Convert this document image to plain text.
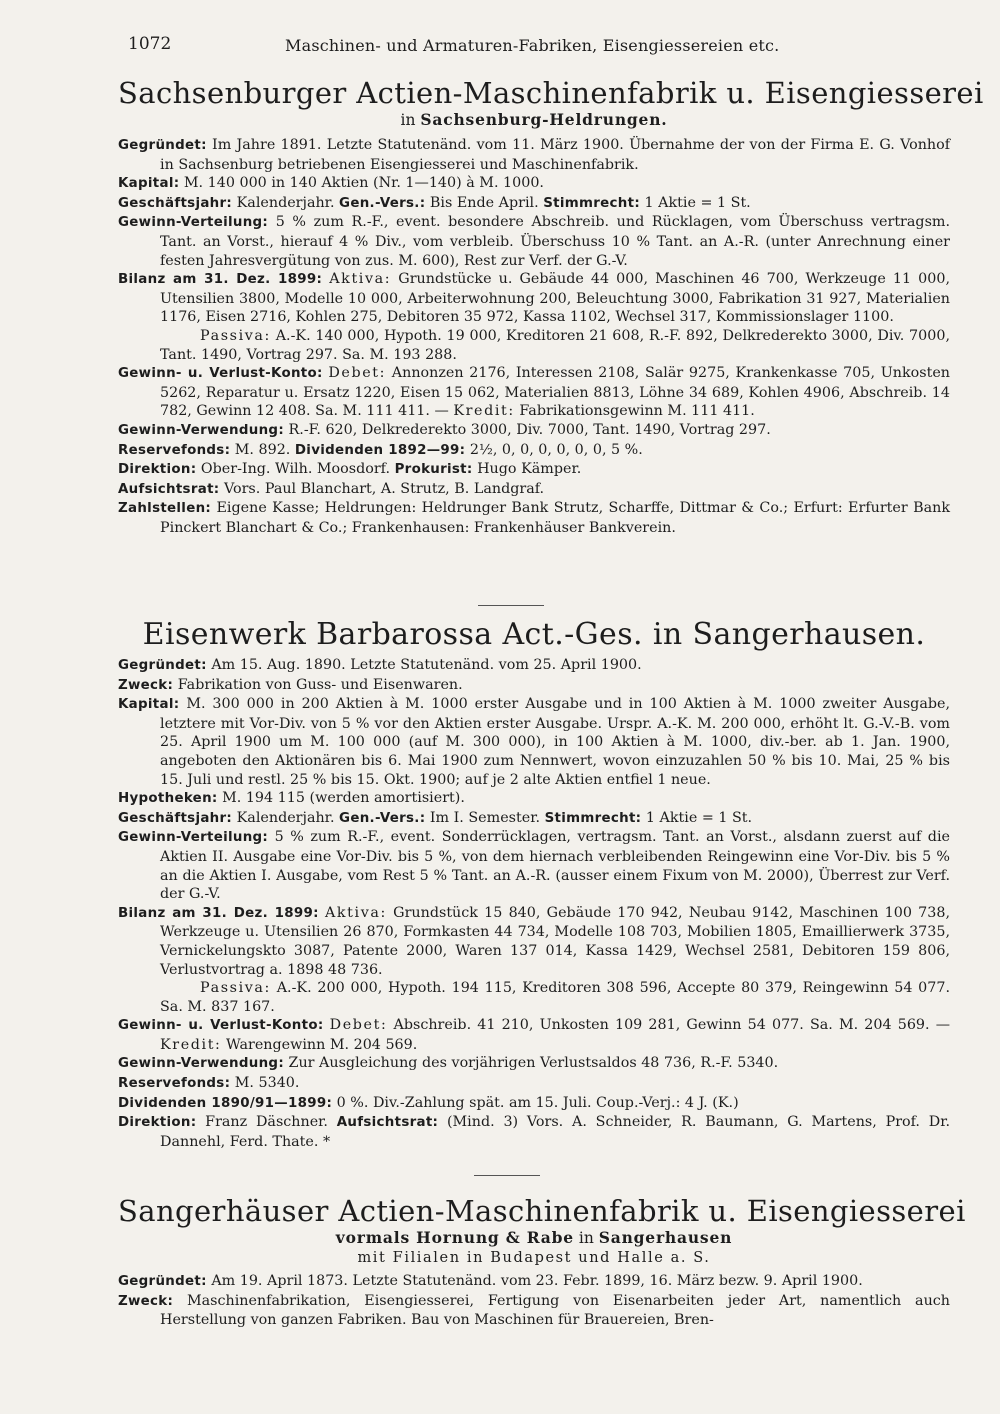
1072	Maschinen- und Armaturen-Fabriken, Eisengiessereien etc.
Sachsenburger Actien-Maschinenfabrik u. Eisengiesserei
in Sachsenburg-Heldrungen.

Gegründet: Im Jahre 1891. Letzte Statutenänd. vom 11. März 1900. Übernahme der von der Firma E. G. Vonhof in Sachsenburg betriebenen Eisengiesserei und Maschinenfabrik.

Kapital: M. 140 000 in 140 Aktien (Nr. 1—140) à M. 1000.

Geschäftsjahr: Kalenderjahr. Gen.-Vers.: Bis Ende April. Stimmrecht: 1 Aktie = 1 St.

Gewinn-Verteilung: 5 % zum R.-F., event. besondere Abschreib. und Rücklagen, vom Überschuss vertragsm. Tant. an Vorst., hierauf 4 % Div., vom verbleib. Überschuss 10 % Tant. an A.-R. (unter Anrechnung einer festen Jahresvergütung von zus. M. 600), Rest zur Verf. der G.-V.

Bilanz am 31. Dez. 1899: Aktiva: Grundstücke u. Gebäude 44 000, Maschinen 46 700, Werkzeuge 11 000, Utensilien 3800, Modelle 10 000, Arbeiterwohnung 200, Beleuchtung 3000, Fabrikation 31 927, Materialien 1176, Eisen 2716, Kohlen 275, Debitoren 35 972, Kassa 1102, Wechsel 317, Kommissionslager 1100.

Passiva: A.-K. 140 000, Hypoth. 19 000, Kreditoren 21 608, R.-F. 892, Delkrederekto 3000, Div. 7000, Tant. 1490, Vortrag 297. Sa. M. 193 288.

Gewinn- u. Verlust-Konto: Debet: Annonzen 2176, Interessen 2108, Salär 9275, Krankenkasse 705, Unkosten 5262, Reparatur u. Ersatz 1220, Eisen 15 062, Materialien 8813, Löhne 34 689, Kohlen 4906, Abschreib. 14 782, Gewinn 12 408. Sa. M. 111 411. — Kredit: Fabrikationsgewinn M. 111 411.

Gewinn-Verwendung: R.-F. 620, Delkrederekto 3000, Div. 7000, Tant. 1490, Vortrag 297.

Reservefonds: M. 892. Dividenden 1892—99: 2½, 0, 0, 0, 0, 0, 0, 5 %.

Direktion: Ober-Ing. Wilh. Moosdorf. Prokurist: Hugo Kämper.

Aufsichtsrat: Vors. Paul Blanchart, A. Strutz, B. Landgraf.

Zahlstellen: Eigene Kasse; Heldrungen: Heldrunger Bank Strutz, Scharffe, Dittmar & Co.; Erfurt: Erfurter Bank Pinckert Blanchart & Co.; Frankenhausen: Frankenhäuser Bankverein.

Eisenwerk Barbarossa Act.-Ges. in Sangerhausen.

Gegründet: Am 15. Aug. 1890. Letzte Statutenänd. vom 25. April 1900.

Zweck: Fabrikation von Guss- und Eisenwaren.

Kapital: M. 300 000 in 200 Aktien à M. 1000 erster Ausgabe und in 100 Aktien à M. 1000 zweiter Ausgabe, letztere mit Vor-Div. von 5 % vor den Aktien erster Ausgabe. Urspr. A.-K. M. 200 000, erhöht lt. G.-V.-B. vom 25. April 1900 um M. 100 000 (auf M. 300 000), in 100 Aktien à M. 1000, div.-ber. ab 1. Jan. 1900, angeboten den Aktionären bis 6. Mai 1900 zum Nennwert, wovon einzuzahlen 50 % bis 10. Mai, 25 % bis 15. Juli und restl. 25 % bis 15. Okt. 1900; auf je 2 alte Aktien entfiel 1 neue.

Hypotheken: M. 194 115 (werden amortisiert).

Geschäftsjahr: Kalenderjahr. Gen.-Vers.: Im I. Semester. Stimmrecht: 1 Aktie = 1 St.

Gewinn-Verteilung: 5 % zum R.-F., event. Sonderrücklagen, vertragsm. Tant. an Vorst., alsdann zuerst auf die Aktien II. Ausgabe eine Vor-Div. bis 5 %, von dem hiernach verbleibenden Reingewinn eine Vor-Div. bis 5 % an die Aktien I. Ausgabe, vom Rest 5 % Tant. an A.-R. (ausser einem Fixum von M. 2000), Überrest zur Verf. der G.-V.

Bilanz am 31. Dez. 1899: Aktiva: Grundstück 15 840, Gebäude 170 942, Neubau 9142, Maschinen 100 738, Werkzeuge u. Utensilien 26 870, Formkasten 44 734, Modelle 108 703, Mobilien 1805, Emaillierwerk 3735, Vernickelungskto 3087, Patente 2000, Waren 137 014, Kassa 1429, Wechsel 2581, Debitoren 159 806, Verlustvortrag a. 1898 48 736.

Passiva: A.-K. 200 000, Hypoth. 194 115, Kreditoren 308 596, Accepte 80 379, Reingewinn 54 077. Sa. M. 837 167.

Gewinn- u. Verlust-Konto: Debet: Abschreib. 41 210, Unkosten 109 281, Gewinn 54 077. Sa. M. 204 569. — Kredit: Warengewinn M. 204 569.

Gewinn-Verwendung: Zur Ausgleichung des vorjährigen Verlustsaldos 48 736, R.-F. 5340.

Reservefonds: M. 5340.

Dividenden 1890/91—1899: 0 %. Div.-Zahlung spät. am 15. Juli. Coup.-Verj.: 4 J. (K.)

Direktion: Franz Däschner. Aufsichtsrat: (Mind. 3) Vors. A. Schneider, R. Baumann, G. Martens, Prof. Dr. Dannehl, Ferd. Thate. *

Sangerhäuser Actien-Maschinenfabrik u. Eisengiesserei
vormals Hornung & Rabe in Sangerhausen
mit Filialen in Budapest und Halle a. S.

Gegründet: Am 19. April 1873. Letzte Statutenänd. vom 23. Febr. 1899, 16. März bezw. 9. April 1900.

Zweck: Maschinenfabrikation, Eisengiesserei, Fertigung von Eisenarbeiten jeder Art, namentlich auch Herstellung von ganzen Fabriken. Bau von Maschinen für Brauereien, Bren-
